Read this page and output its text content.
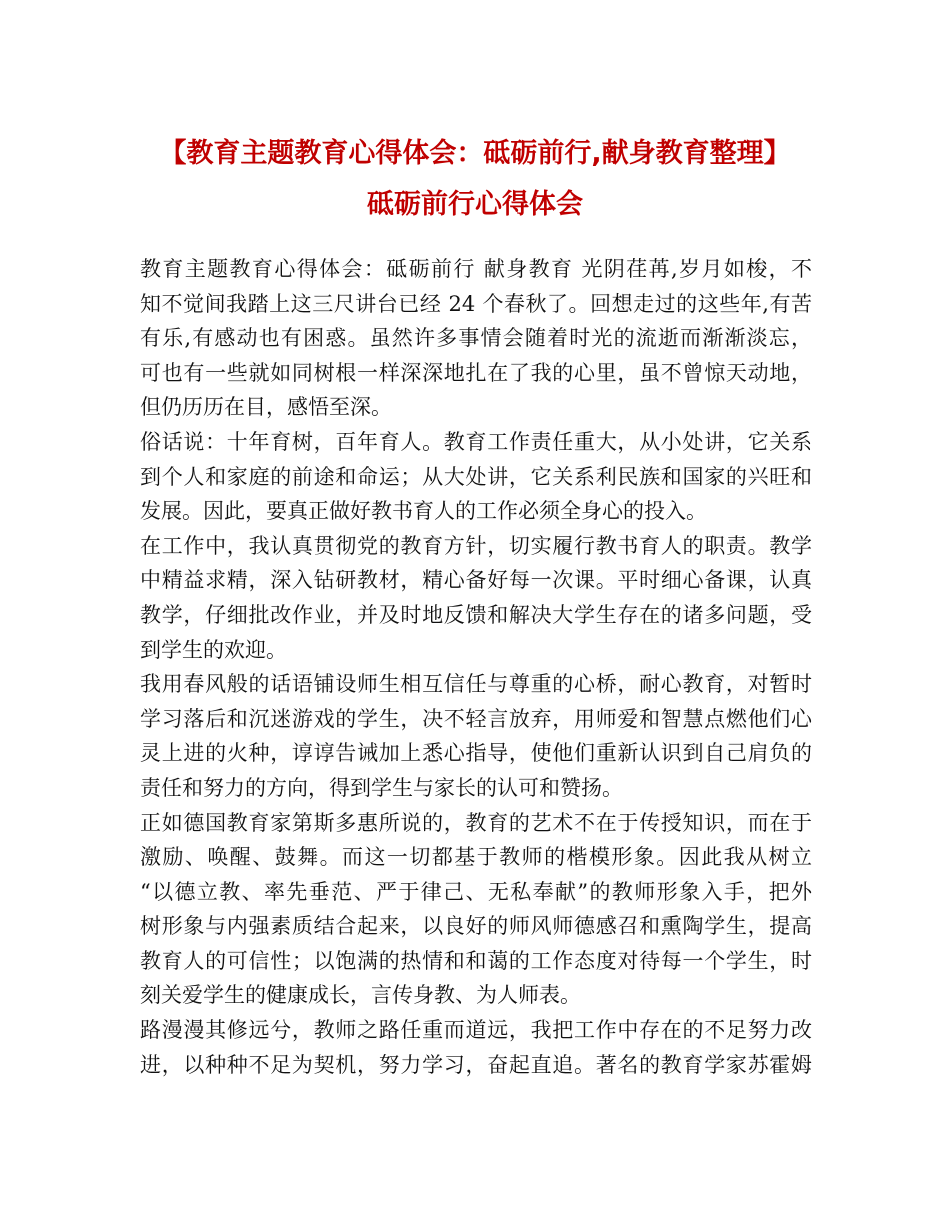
【教育主题教育心得体会：砥砺前行,献身教育整理】
砥砺前行心得体会
教育主题教育心得体会：砥砺前行 献身教育 光阴荏苒,岁月如梭，不
知不觉间我踏上这三尺讲台已经 24 个春秋了。回想走过的这些年,有苦
有乐,有感动也有困惑。虽然许多事情会随着时光的流逝而渐渐淡忘，
可也有一些就如同树根一样深深地扎在了我的心里，虽不曾惊天动地，
但仍历历在目，感悟至深。
俗话说：十年育树，百年育人。教育工作责任重大，从小处讲，它关系
到个人和家庭的前途和命运；从大处讲，它关系利民族和国家的兴旺和
发展。因此，要真正做好教书育人的工作必须全身心的投入。
在工作中，我认真贯彻党的教育方针，切实履行教书育人的职责。教学
中精益求精，深入钻研教材，精心备好每一次课。平时细心备课，认真
教学，仔细批改作业，并及时地反馈和解决大学生存在的诸多问题，受
到学生的欢迎。
我用春风般的话语铺设师生相互信任与尊重的心桥，耐心教育，对暂时
学习落后和沉迷游戏的学生，决不轻言放弃，用师爱和智慧点燃他们心
灵上进的火种，谆谆告诫加上悉心指导，使他们重新认识到自己肩负的
责任和努力的方向，得到学生与家长的认可和赞扬。
正如德国教育家第斯多惠所说的，教育的艺术不在于传授知识，而在于
激励、唤醒、鼓舞。而这一切都基于教师的楷模形象。因此我从树立
“以德立教、率先垂范、严于律己、无私奉献”的教师形象入手，把外
树形象与内强素质结合起来，以良好的师风师德感召和熏陶学生，提高
教育人的可信性；以饱满的热情和和蔼的工作态度对待每一个学生，时
刻关爱学生的健康成长，言传身教、为人师表。
路漫漫其修远兮，教师之路任重而道远，我把工作中存在的不足努力改
进，以种种不足为契机，努力学习，奋起直追。著名的教育学家苏霍姆
